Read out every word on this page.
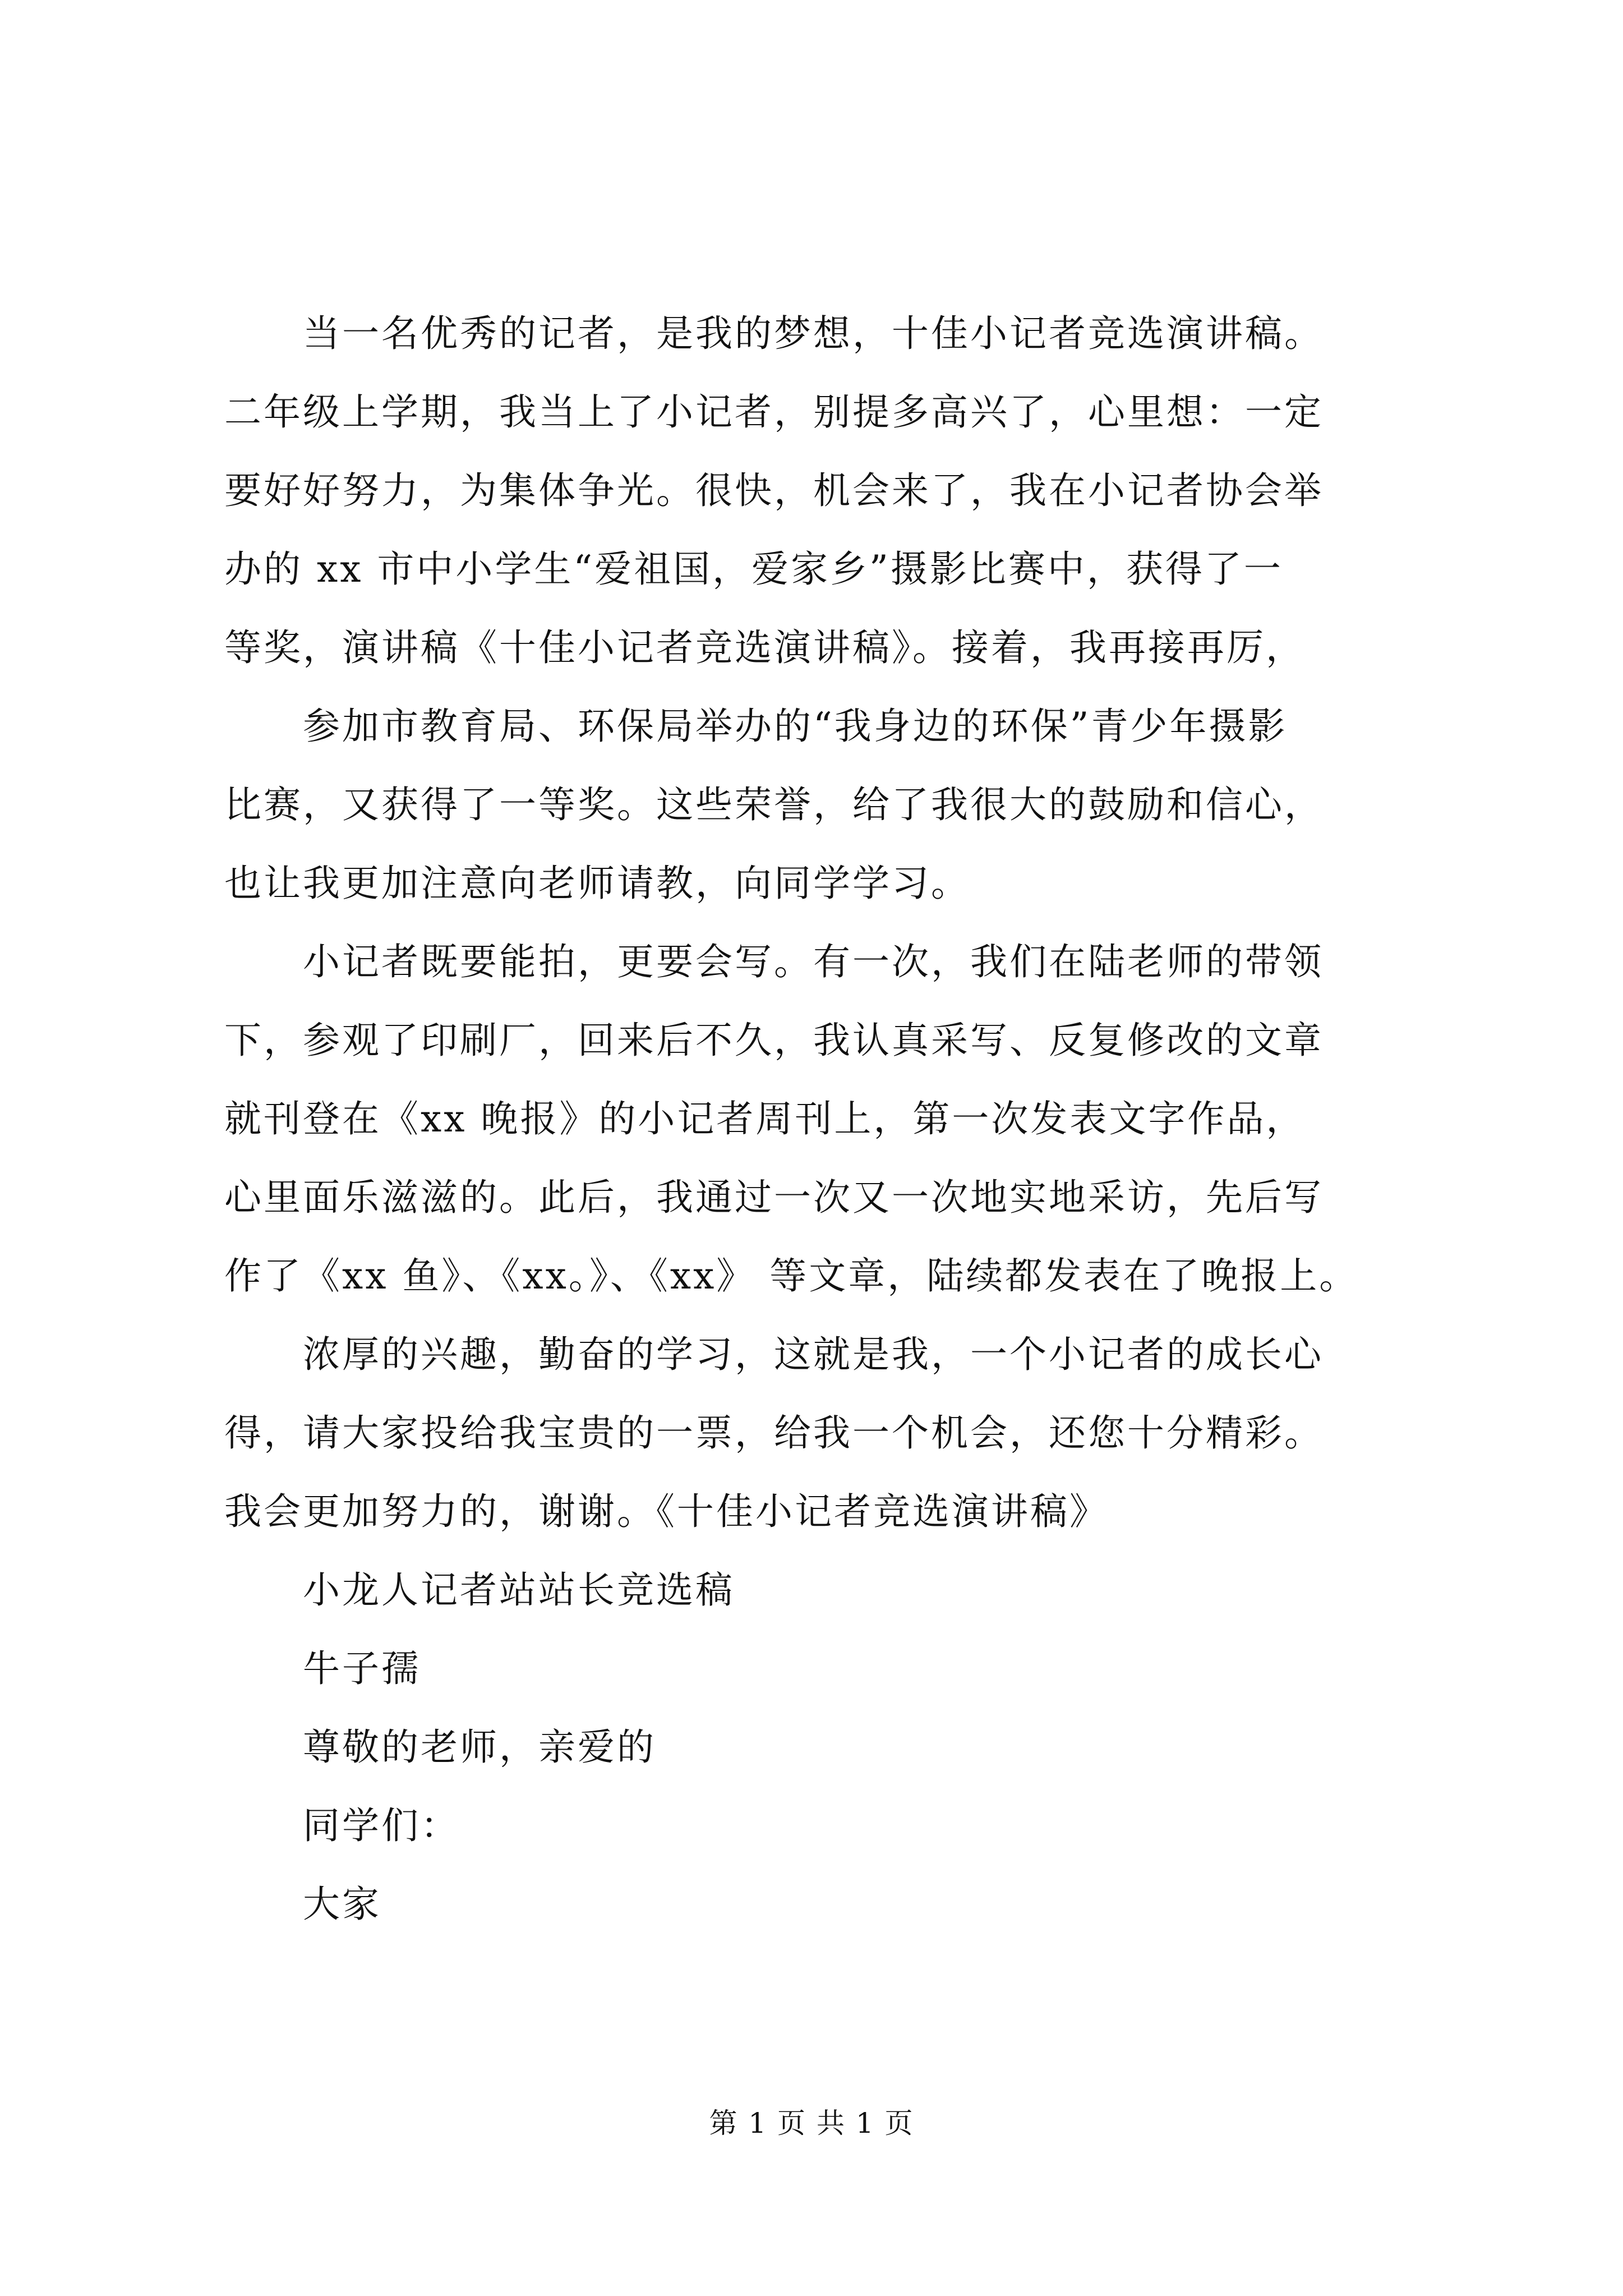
当一名优秀的记者，是我的梦想，十佳小记者竞选演讲稿。
二年级上学期，我当上了小记者，别提多高兴了，心里想：一定
要好好努力，为集体争光。很快，机会来了，我在小记者协会举
办的 xx 市中小学生“爱祖国，爱家乡”摄影比赛中，获得了一
等奖，演讲稿《十佳小记者竞选演讲稿》。接着，我再接再厉，
参加市教育局、环保局举办的“我身边的环保”青少年摄影
比赛，又获得了一等奖。这些荣誉，给了我很大的鼓励和信心，
也让我更加注意向老师请教，向同学学习。
小记者既要能拍，更要会写。有一次，我们在陆老师的带领
下，参观了印刷厂，回来后不久，我认真采写、反复修改的文章
就刊登在《xx 晚报》的小记者周刊上，第一次发表文字作品，
心里面乐滋滋的。此后，我通过一次又一次地实地采访，先后写
作了《xx 鱼》、《xx。》、《xx》 等文章，陆续都发表在了晚报上。
浓厚的兴趣，勤奋的学习，这就是我，一个小记者的成长心
得，请大家投给我宝贵的一票，给我一个机会，还您十分精彩。
我会更加努力的，谢谢。《十佳小记者竞选演讲稿》
小龙人记者站站长竞选稿
牛子孺
尊敬的老师，亲爱的
同学们：
大家
第 1 页 共 1 页
